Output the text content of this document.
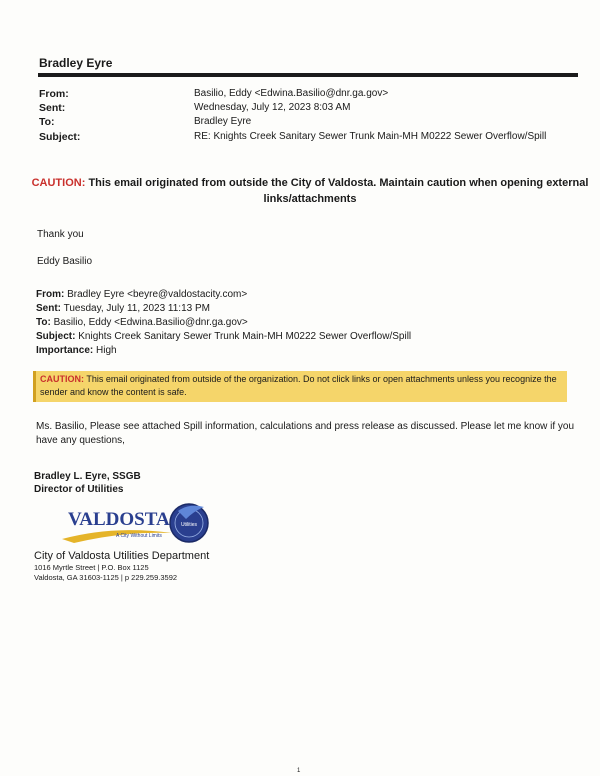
Bradley Eyre
From:	Basilio, Eddy <Edwina.Basilio@dnr.ga.gov>
Sent:	Wednesday, July 12, 2023 8:03 AM
To:	Bradley Eyre
Subject:	RE: Knights Creek Sanitary Sewer Trunk Main-MH M0222 Sewer Overflow/Spill
CAUTION: This email originated from outside the City of Valdosta. Maintain caution when opening external
links/attachments
Thank you
Eddy Basilio
From: Bradley Eyre <beyre@valdostacity.com>
Sent: Tuesday, July 11, 2023 11:13 PM
To: Basilio, Eddy <Edwina.Basilio@dnr.ga.gov>
Subject: Knights Creek Sanitary Sewer Trunk Main-MH M0222 Sewer Overflow/Spill
Importance: High
CAUTION: This email originated from outside of the organization. Do not click links or open attachments unless you recognize the
sender and know the content is safe.
Ms. Basilio, Please see attached Spill information, calculations and press release as discussed. Please let me know if you
have any questions,
Bradley L. Eyre, SSGB
Director of Utilities
VALDOSTA
A City Without Limits
Utilities
City of Valdosta Utilities Department
1016 Myrtle Street | P.O. Box 1125
Valdosta, GA 31603-1125 | p 229.259.3592
1
